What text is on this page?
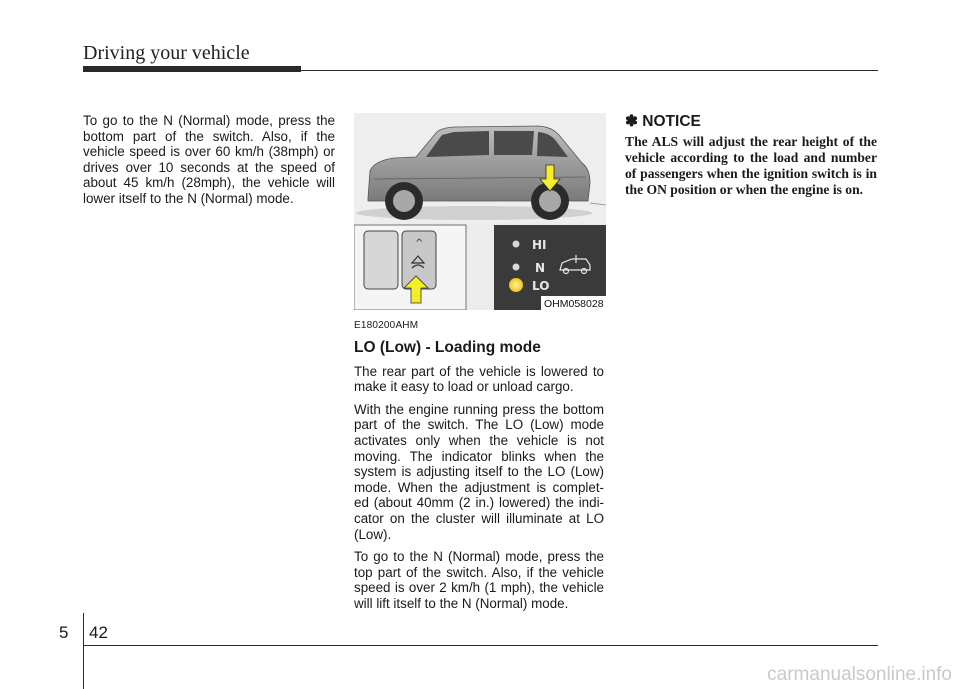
Driving your vehicle

To go to the N (Normal) mode, press the bottom part of the switch. Also, if the vehicle speed is over 60 km/h (38mph) or drives over 10 seconds at the speed of about 45 km/h (28mph), the vehicle will lower itself to the N (Normal) mode.

^	HI
N
LO
OHM058028

E180200AHM

LO (Low) - Loading mode

The rear part of the vehicle is lowered to make it easy to load or unload cargo.

With the engine running press the bottom part of the switch. The LO (Low) mode activates only when the vehicle is not moving. The indicator blinks when the system is adjusting itself to the LO (Low) mode. When the adjustment is complet-ed (about 40mm (2 in.) lowered) the indi-cator on the cluster will illuminate at LO (Low).

To go to the N (Normal) mode, press the top part of the switch. Also, if the vehicle speed is over 2 km/h (1 mph), the vehicle will lift itself to the N (Normal) mode.

✽ NOTICE

The ALS will adjust the rear height of the vehicle according to the load and number of passengers when the ignition switch is in the ON position or when the engine is on.

5 42
carmanualsonline.info
